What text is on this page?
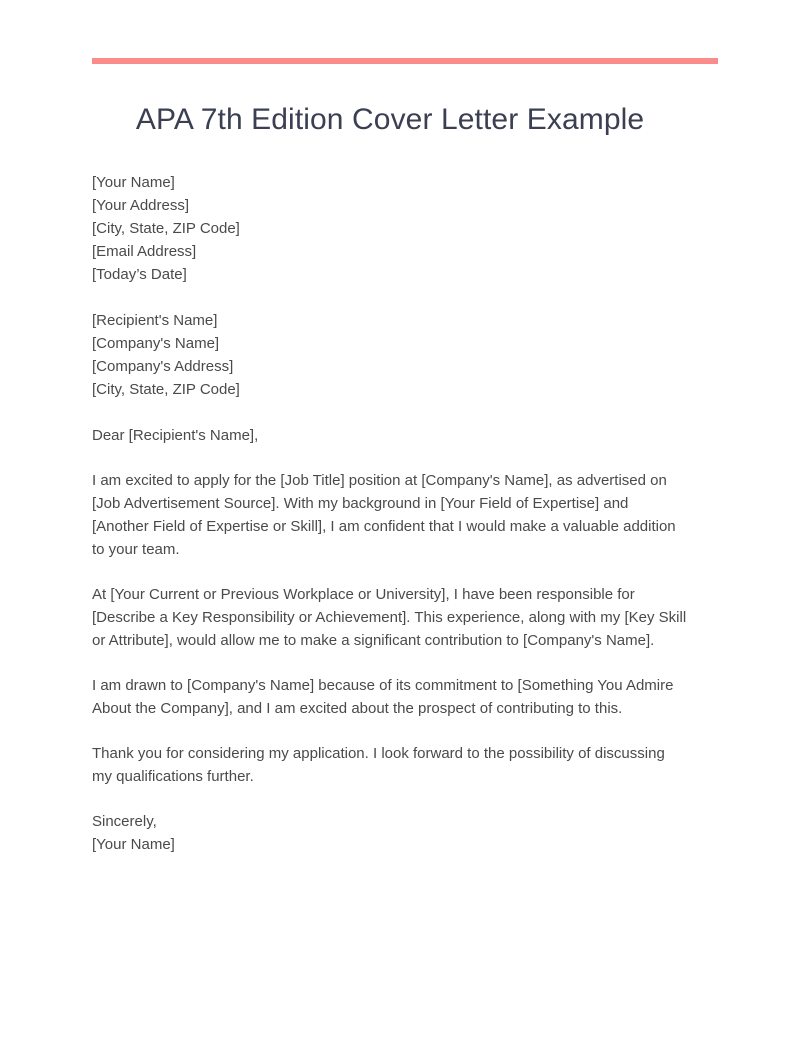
APA 7th Edition Cover Letter Example
[Your Name]
[Your Address]
[City, State, ZIP Code]
[Email Address]
[Today’s Date]
[Recipient's Name]
[Company's Name]
[Company's Address]
[City, State, ZIP Code]

Dear [Recipient's Name],

I am excited to apply for the [Job Title] position at [Company's Name], as advertised on [Job Advertisement Source]. With my background in [Your Field of Expertise] and [Another Field of Expertise or Skill], I am confident that I would make a valuable addition to your team.

At [Your Current or Previous Workplace or University], I have been responsible for [Describe a Key Responsibility or Achievement]. This experience, along with my [Key Skill or Attribute], would allow me to make a significant contribution to [Company's Name].

I am drawn to [Company's Name] because of its commitment to [Something You Admire About the Company], and I am excited about the prospect of contributing to this.

Thank you for considering my application. I look forward to the possibility of discussing my qualifications further.

Sincerely,
[Your Name]
